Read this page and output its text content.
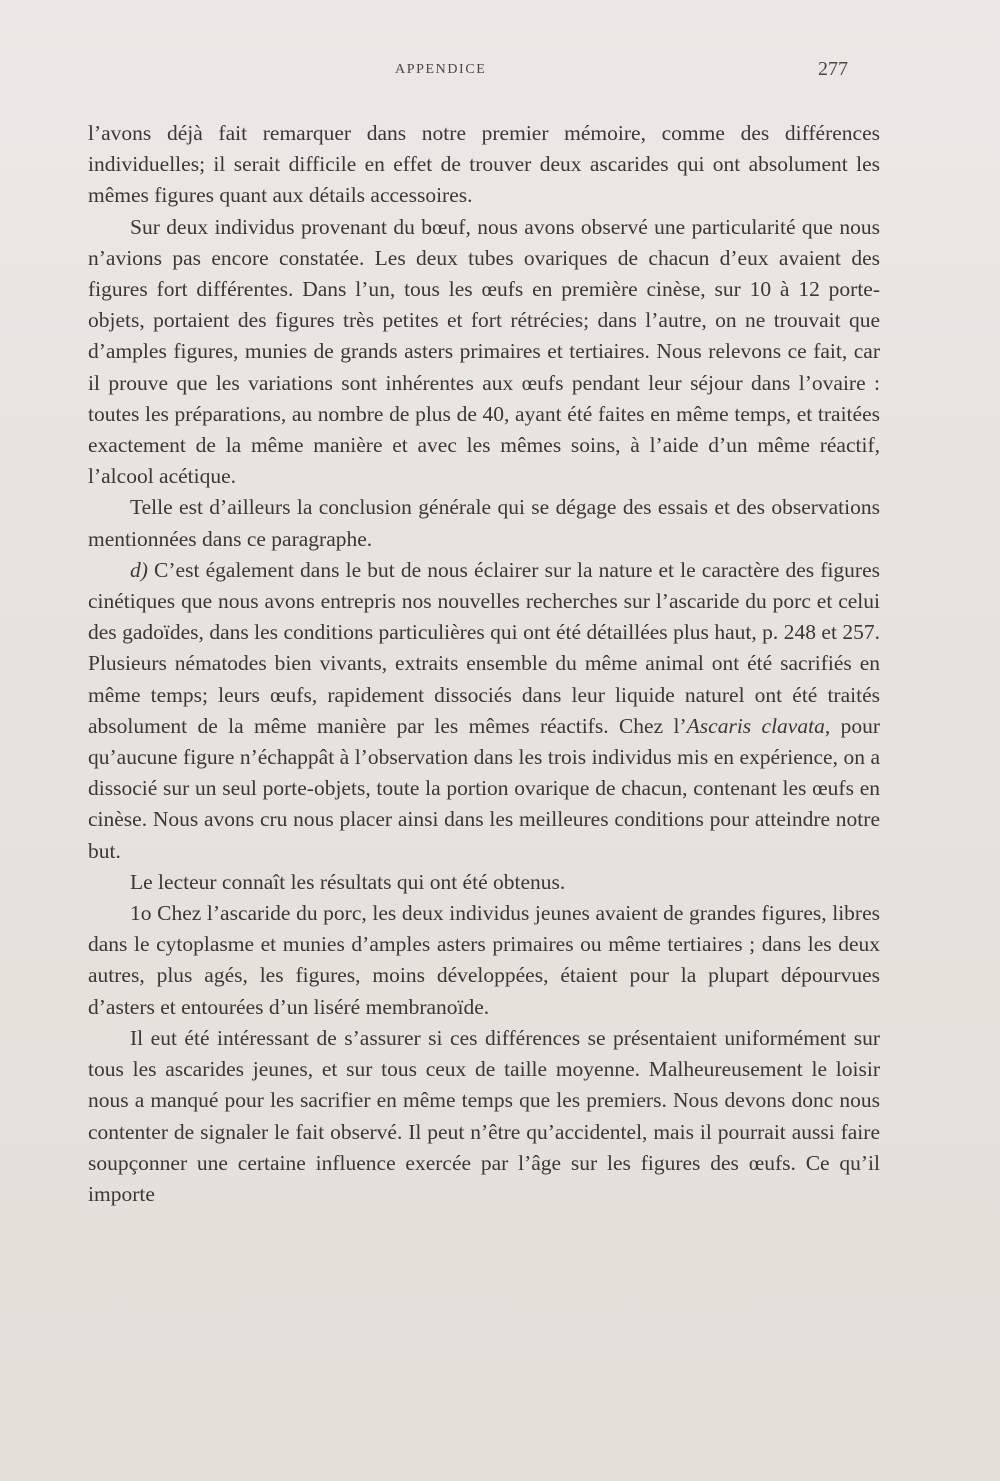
APPENDICE	277

l’avons déjà fait remarquer dans notre premier mémoire, comme des différences individuelles; il serait difficile en effet de trouver deux ascarides qui ont absolument les mêmes figures quant aux détails accessoires.

Sur deux individus provenant du bœuf, nous avons observé une particularité que nous n’avions pas encore constatée. Les deux tubes ovariques de chacun d’eux avaient des figures fort différentes. Dans l’un, tous les œufs en première cinèse, sur 10 à 12 porte-objets, portaient des figures très petites et fort rétrécies; dans l’autre, on ne trouvait que d’amples figures, munies de grands asters primaires et tertiaires. Nous relevons ce fait, car il prouve que les variations sont inhérentes aux œufs pendant leur séjour dans l’ovaire : toutes les préparations, au nombre de plus de 40, ayant été faites en même temps, et traitées exactement de la même manière et avec les mêmes soins, à l’aide d’un même réactif, l’alcool acétique.

Telle est d’ailleurs la conclusion générale qui se dégage des essais et des observations mentionnées dans ce paragraphe.

d) C’est également dans le but de nous éclairer sur la nature et le caractère des figures cinétiques que nous avons entrepris nos nouvelles recherches sur l’ascaride du porc et celui des gadoïdes, dans les conditions particulières qui ont été détaillées plus haut, p. 248 et 257. Plusieurs nématodes bien vivants, extraits ensemble du même animal ont été sacrifiés en même temps; leurs œufs, rapidement dissociés dans leur liquide naturel ont été traités absolument de la même manière par les mêmes réactifs. Chez l’Ascaris clavata, pour qu’aucune figure n’échappât à l’observation dans les trois individus mis en expérience, on a dissocié sur un seul porte-objets, toute la portion ovarique de chacun, contenant les œufs en cinèse. Nous avons cru nous placer ainsi dans les meilleures conditions pour atteindre notre but.

Le lecteur connaît les résultats qui ont été obtenus.

1o Chez l’ascaride du porc, les deux individus jeunes avaient de grandes figures, libres dans le cytoplasme et munies d’amples asters primaires ou même tertiaires ; dans les deux autres, plus agés, les figures, moins développées, étaient pour la plupart dépourvues d’asters et entourées d’un liséré membranoïde.

Il eut été intéressant de s’assurer si ces différences se présentaient uniformément sur tous les ascarides jeunes, et sur tous ceux de taille moyenne. Malheureusement le loisir nous a manqué pour les sacrifier en même temps que les premiers. Nous devons donc nous contenter de signaler le fait observé. Il peut n’être qu’accidentel, mais il pourrait aussi faire soupçonner une certaine influence exercée par l’âge sur les figures des œufs. Ce qu’il importe
